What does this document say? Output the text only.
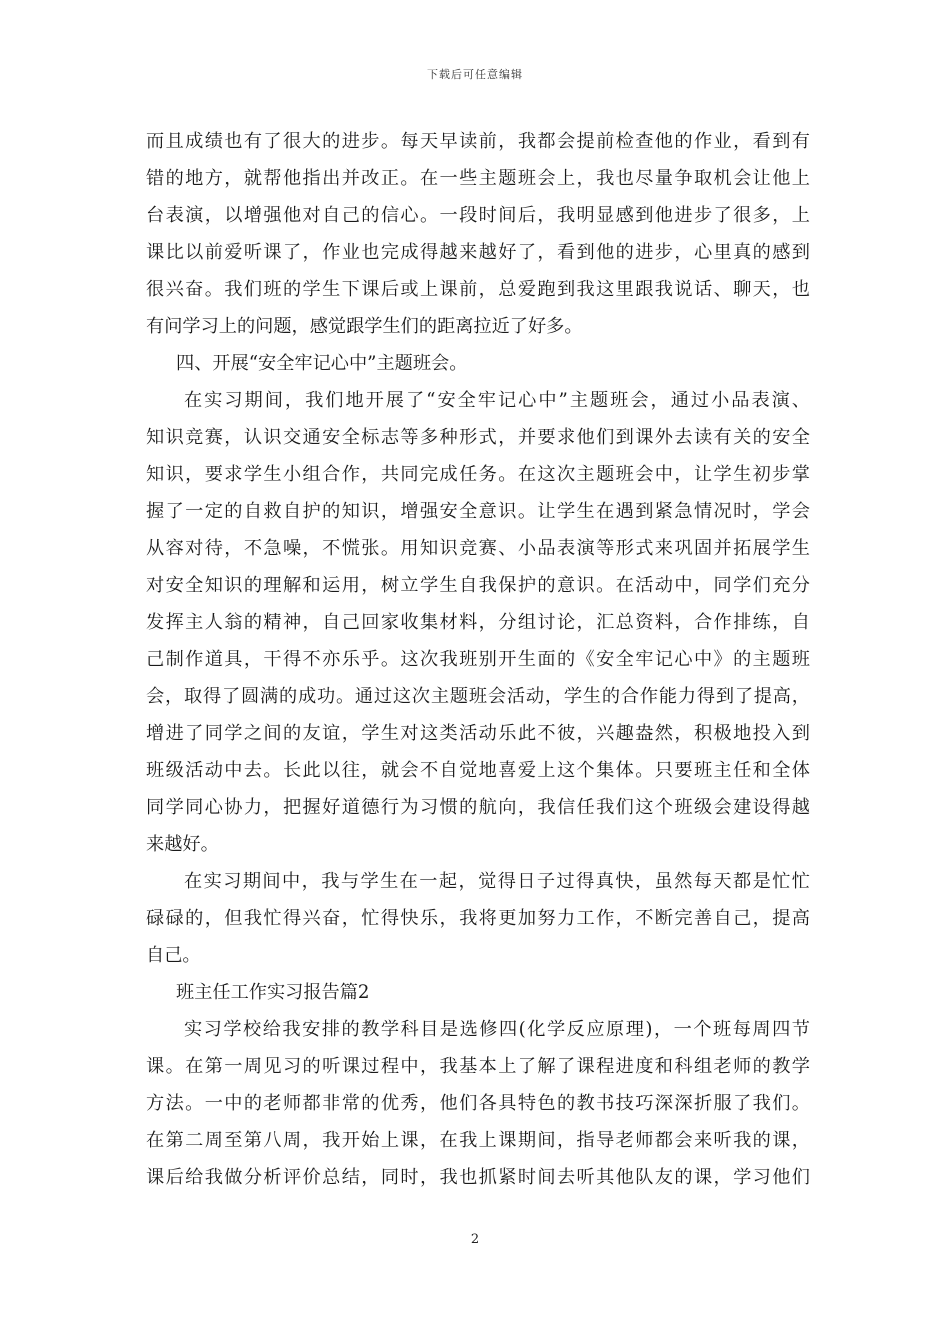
下载后可任意编辑
而且成绩也有了很大的进步。每天早读前，我都会提前检查他的作业，看到有
错的地方，就帮他指出并改正。在一些主题班会上，我也尽量争取机会让他上
台表演，以增强他对自己的信心。一段时间后，我明显感到他进步了很多，上
课比以前爱听课了，作业也完成得越来越好了，看到他的进步，心里真的感到
很兴奋。我们班的学生下课后或上课前，总爱跑到我这里跟我说话、聊天，也
有问学习上的问题，感觉跟学生们的距离拉近了好多。
四、开展“安全牢记心中”主题班会。
在实习期间，我们地开展了“安全牢记心中”主题班会，通过小品表演、
知识竞赛，认识交通安全标志等多种形式，并要求他们到课外去读有关的安全
知识，要求学生小组合作，共同完成任务。在这次主题班会中，让学生初步掌
握了一定的自救自护的知识，增强安全意识。让学生在遇到紧急情况时，学会
从容对待，不急噪，不慌张。用知识竞赛、小品表演等形式来巩固并拓展学生
对安全知识的理解和运用，树立学生自我保护的意识。在活动中，同学们充分
发挥主人翁的精神，自己回家收集材料，分组讨论，汇总资料，合作排练，自
己制作道具，干得不亦乐乎。这次我班别开生面的《安全牢记心中》的主题班
会，取得了圆满的成功。通过这次主题班会活动，学生的合作能力得到了提高，
增进了同学之间的友谊，学生对这类活动乐此不彼，兴趣盎然，积极地投入到
班级活动中去。长此以往，就会不自觉地喜爱上这个集体。只要班主任和全体
同学同心协力，把握好道德行为习惯的航向，我信任我们这个班级会建设得越
来越好。
在实习期间中，我与学生在一起，觉得日子过得真快，虽然每天都是忙忙
碌碌的，但我忙得兴奋，忙得快乐，我将更加努力工作，不断完善自己，提高
自己。
班主任工作实习报告篇2
实习学校给我安排的教学科目是选修四(化学反应原理)，一个班每周四节
课。在第一周见习的听课过程中，我基本上了解了课程进度和科组老师的教学
方法。一中的老师都非常的优秀，他们各具特色的教书技巧深深折服了我们。
在第二周至第八周，我开始上课，在我上课期间，指导老师都会来听我的课，
课后给我做分析评价总结，同时，我也抓紧时间去听其他队友的课，学习他们
2
